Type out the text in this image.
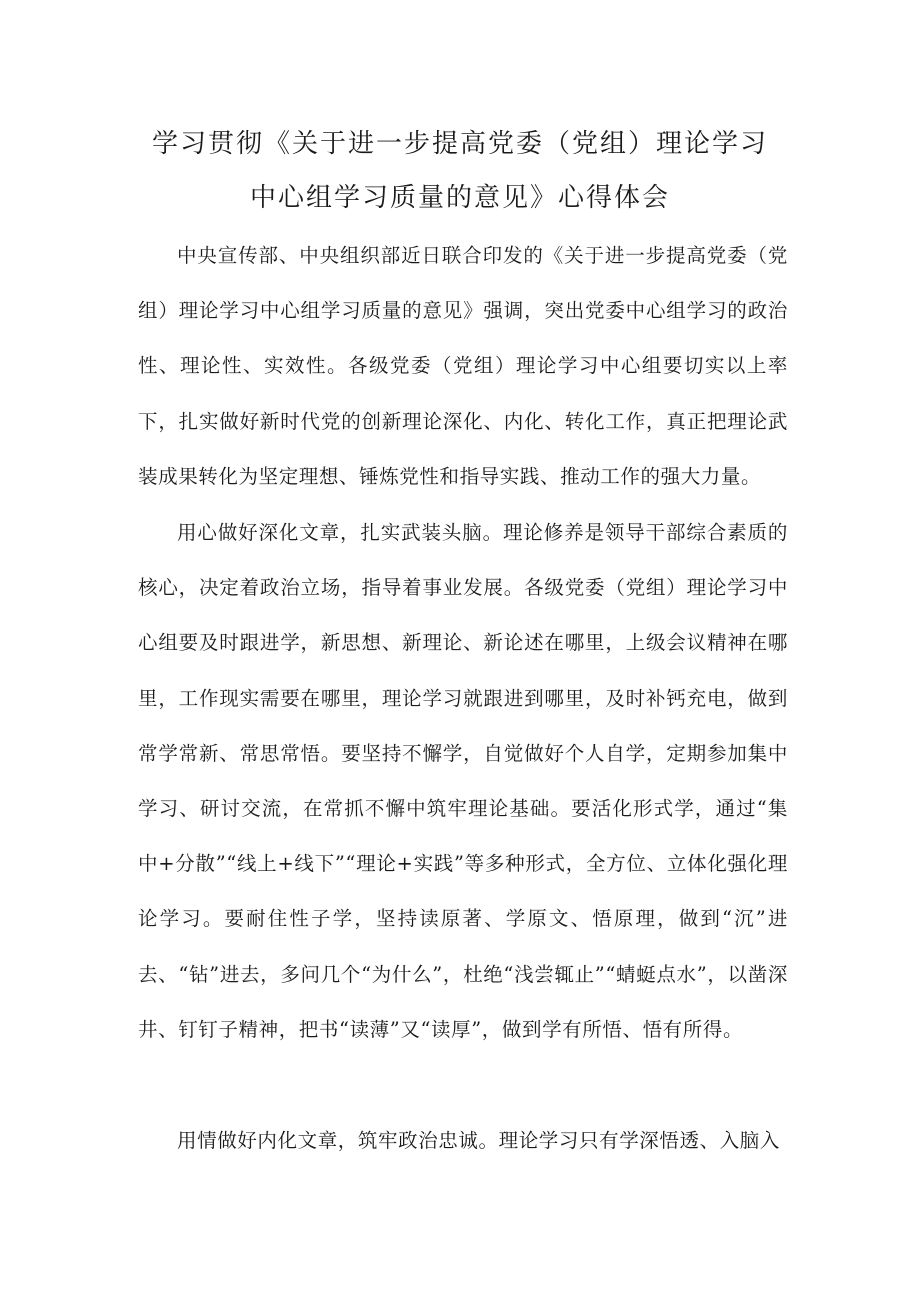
学习贯彻《关于进一步提高党委（党组）理论学习
中心组学习质量的意见》心得体会

中央宣传部、中央组织部近日联合印发的《关于进一步提高党委（党组）理论学习中心组学习质量的意见》强调，突出党委中心组学习的政治性、理论性、实效性。各级党委（党组）理论学习中心组要切实以上率下，扎实做好新时代党的创新理论深化、内化、转化工作，真正把理论武装成果转化为坚定理想、锤炼党性和指导实践、推动工作的强大力量。

用心做好深化文章，扎实武装头脑。理论修养是领导干部综合素质的核心，决定着政治立场，指导着事业发展。各级党委（党组）理论学习中心组要及时跟进学，新思想、新理论、新论述在哪里，上级会议精神在哪里，工作现实需要在哪里，理论学习就跟进到哪里，及时补钙充电，做到常学常新、常思常悟。要坚持不懈学，自觉做好个人自学，定期参加集中学习、研讨交流，在常抓不懈中筑牢理论基础。要活化形式学，通过“集中+分散”“线上+线下”“理论+实践”等多种形式，全方位、立体化强化理论学习。要耐住性子学，坚持读原著、学原文、悟原理，做到“沉”进去、“钻”进去，多问几个“为什么”，杜绝“浅尝辄止”“蜻蜓点水”，以凿深井、钉钉子精神，把书“读薄”又“读厚”，做到学有所悟、悟有所得。

用情做好内化文章，筑牢政治忠诚。理论学习只有学深悟透、入脑入
